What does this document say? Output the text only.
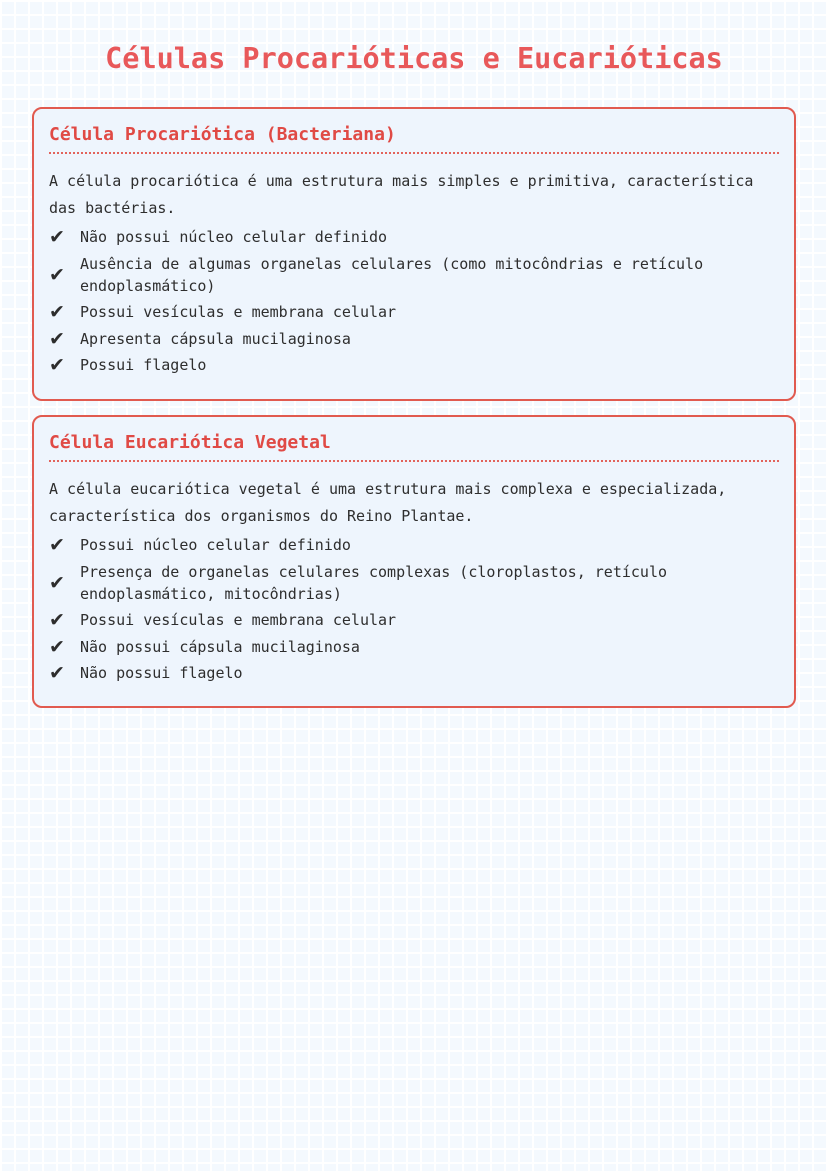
Células Procarióticas e Eucarióticas
Célula Procariótica (Bacteriana)

A célula procariótica é uma estrutura mais simples e primitiva, característica das bactérias.

✔	Não possui núcleo celular definido
✔	Ausência de algumas organelas celulares (como mitocôndrias e retículo endoplasmático)
✔	Possui vesículas e membrana celular
✔	Apresenta cápsula mucilaginosa
✔	Possui flagelo
Célula Eucariótica Vegetal

A célula eucariótica vegetal é uma estrutura mais complexa e especializada, característica dos organismos do Reino Plantae.

✔	Possui núcleo celular definido
✔	Presença de organelas celulares complexas (cloroplastos, retículo endoplasmático, mitocôndrias)
✔	Possui vesículas e membrana celular
✔	Não possui cápsula mucilaginosa
✔	Não possui flagelo
